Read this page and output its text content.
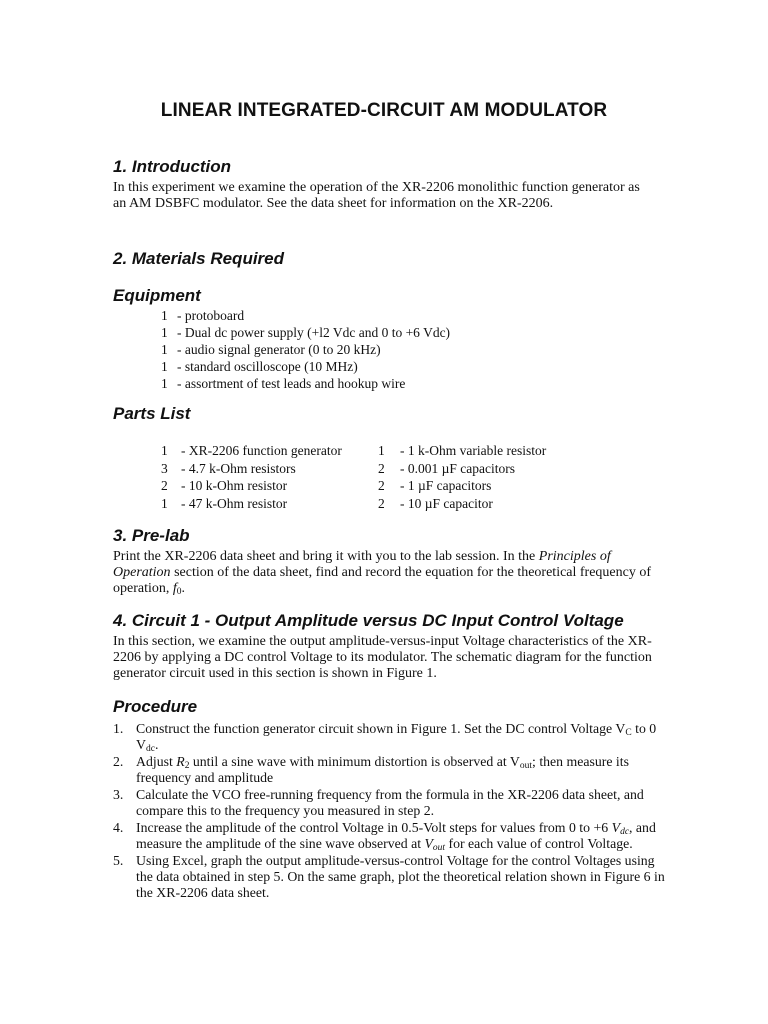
LINEAR INTEGRATED-CIRCUIT AM MODULATOR
1. Introduction
In this experiment we examine the operation of the XR-2206 monolithic function generator as an AM DSBFC modulator. See the data sheet for information on the XR-2206.
2. Materials Required
Equipment
1 - protoboard
1 - Dual dc power supply (+l2 Vdc and 0 to +6 Vdc)
1 - audio signal generator (0 to 20 kHz)
1 - standard oscilloscope (10 MHz)
1 - assortment of test leads and hookup wire
Parts List
1 - XR-2206 function generator	1	- 1 k-Ohm variable resistor
3 - 4.7 k-Ohm resistors	2	- 0.001 µF capacitors
2 - 10 k-Ohm resistor	2	- 1 µF capacitors
1 - 47 k-Ohm resistor	2	- 10 µF capacitor
3. Pre-lab
Print the XR-2206 data sheet and bring it with you to the lab session. In the Principles of Operation section of the data sheet, find and record the equation for the theoretical frequency of operation, $f_0$.
4. Circuit 1 - Output Amplitude versus DC Input Control Voltage
In this section, we examine the output amplitude-versus-input Voltage characteristics of the XR-2206 by applying a DC control Voltage to its modulator. The schematic diagram for the function generator circuit used in this section is shown in Figure 1.
Procedure
1. Construct the function generator circuit shown in Figure 1. Set the DC control Voltage $V_C$ to 0 $V_{dc}$.
2. Adjust $R_2$ until a sine wave with minimum distortion is observed at $V_{out}$; then measure its frequency and amplitude
3. Calculate the VCO free-running frequency from the formula in the XR-2206 data sheet, and compare this to the frequency you measured in step 2.
4. Increase the amplitude of the control Voltage in 0.5-Volt steps for values from 0 to +6 $V_{dc}$, and measure the amplitude of the sine wave observed at $V_{out}$ for each value of control Voltage.
5. Using Excel, graph the output amplitude-versus-control Voltage for the control Voltages using the data obtained in step 5. On the same graph, plot the theoretical relation shown in Figure 6 in the XR-2206 data sheet.
